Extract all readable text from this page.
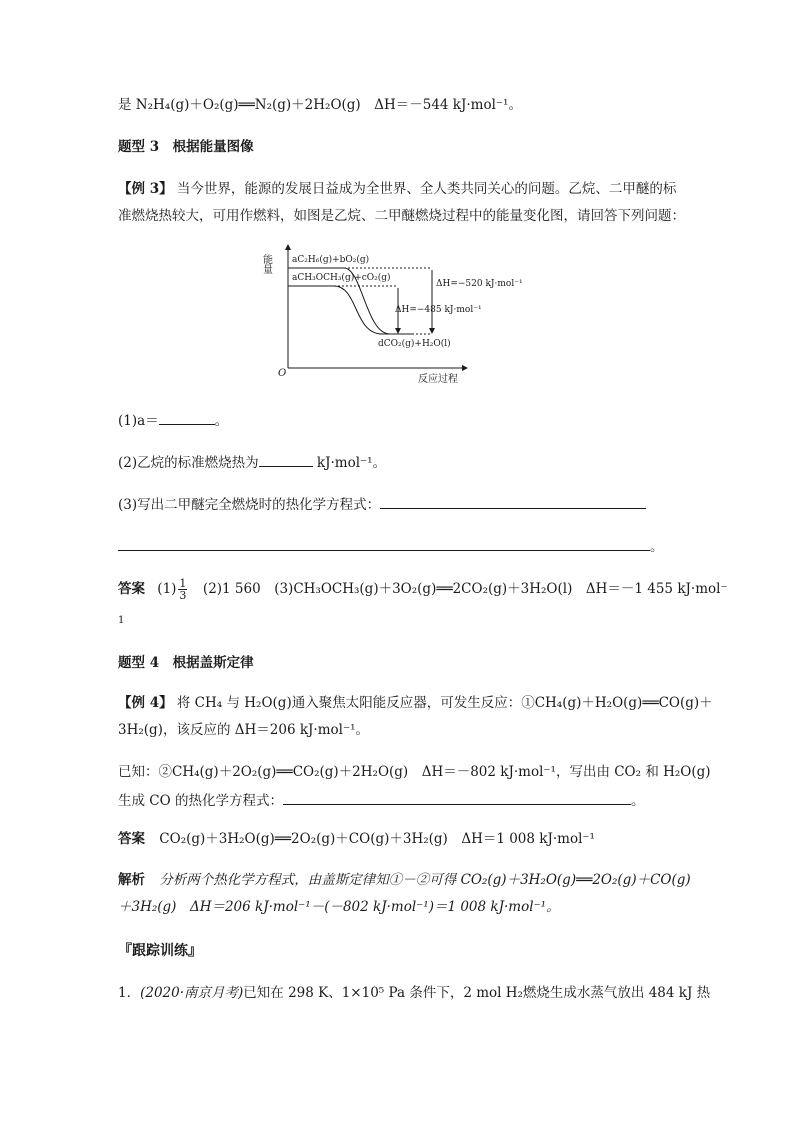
是 N₂H₄(g)＋O₂(g)══N₂(g)＋2H₂O(g)　ΔH＝－544 kJ·mol⁻¹。
题型 3　根据能量图像
【例 3】 当今世界，能源的发展日益成为全世界、全人类共同关心的问题。乙烷、二甲醚的标
准燃烧热较大，可用作燃料，如图是乙烷、二甲醚燃烧过程中的能量变化图，请回答下列问题：
能量
O
反应过程
aC₂H₆(g)+bO₂(g)
aCH₃OCH₃(g)+cO₂(g)
dCO₂(g)+H₂O(l)
ΔH=−520 kJ·mol⁻¹
ΔH=−485 kJ·mol⁻¹
(1)a＝	。
(2)乙烷的标准燃烧热为	kJ·mol⁻¹。
(3)写出二甲醚完全燃烧时的热化学方程式：
。
答案 $(1) \frac{1}{3}$ 　(2)1 560　(3)CH₃OCH₃(g)＋3O₂(g)══2CO₂(g)＋3H₂O(l)　ΔH＝－1 455 kJ·mol⁻
1
题型 4　根据盖斯定律
【例 4】 将 CH₄ 与 H₂O(g)通入聚焦太阳能反应器，可发生反应：①CH₄(g)＋H₂O(g)══CO(g)＋
3H₂(g)，该反应的 ΔH＝206 kJ·mol⁻¹。
已知：②CH₄(g)＋2O₂(g)══CO₂(g)＋2H₂O(g)　ΔH＝－802 kJ·mol⁻¹，写出由 CO₂ 和 H₂O(g)
生成 CO 的热化学方程式：	。
答案 CO₂(g)＋3H₂O(g)══2O₂(g)＋CO(g)＋3H₂(g)　ΔH＝1 008 kJ·mol⁻¹
解析 分析两个热化学方程式，由盖斯定律知①－②可得 CO₂(g)＋3H₂O(g)══2O₂(g)＋CO(g)
＋3H₂(g)　ΔH＝206 kJ·mol⁻¹－(－802 kJ·mol⁻¹)＝1 008 kJ·mol⁻¹。
『跟踪训练』
1．(2020·南京月考)已知在 298 K、1×10⁵ Pa 条件下，2 mol H₂燃烧生成水蒸气放出 484 kJ 热
